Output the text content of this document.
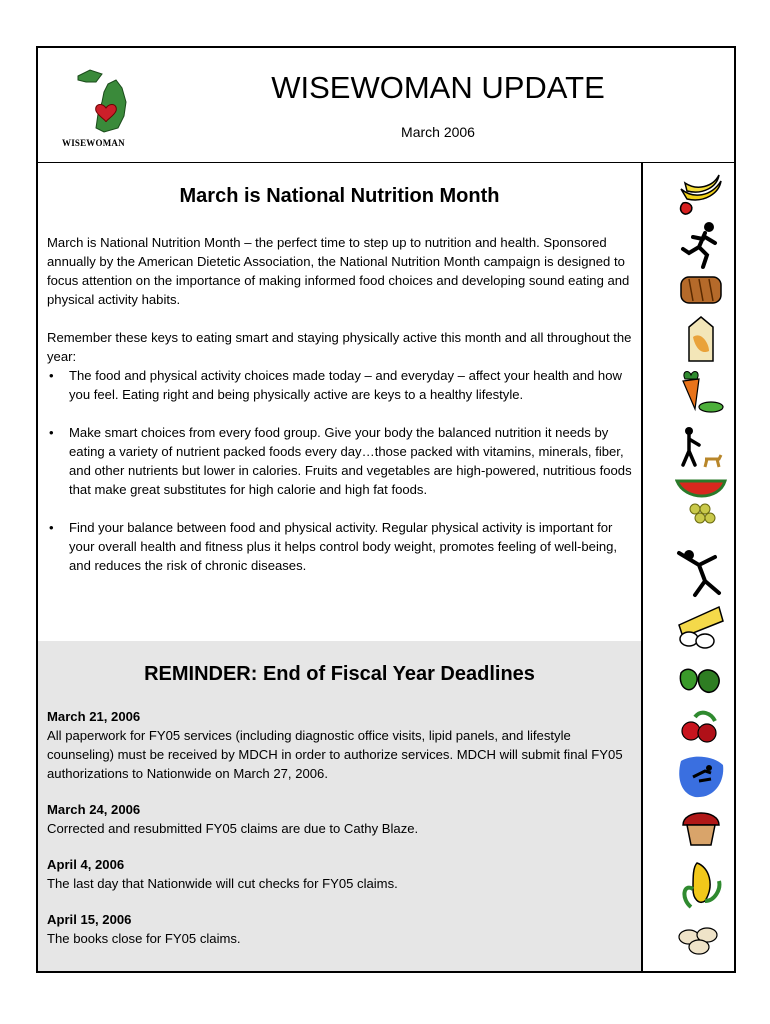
WISEWOMAN
WISEWOMAN UPDATE
March 2006
March is National Nutrition Month

March is National Nutrition Month – the perfect time to step up to nutrition and health. Sponsored annually by the American Dietetic Association, the National Nutrition Month campaign is designed to focus attention on the importance of making informed food choices and developing sound eating and physical activity habits.

Remember these keys to eating smart and staying physically active this month and all throughout the year:
• The food and physical activity choices made today – and everyday – affect your health and how you feel. Eating right and being physically active are keys to a healthy lifestyle.
• Make smart choices from every food group. Give your body the balanced nutrition it needs by eating a variety of nutrient packed foods every day…those packed with vitamins, minerals, fiber, and other nutrients but lower in calories. Fruits and vegetables are high-powered, nutritious foods that make great substitutes for high calorie and high fat foods.
• Find your balance between food and physical activity. Regular physical activity is important for your overall health and fitness plus it helps control body weight, promotes feeling of well-being, and reduces the risk of chronic diseases.
REMINDER: End of Fiscal Year Deadlines
March 21, 2006
All paperwork for FY05 services (including diagnostic office visits, lipid panels, and lifestyle counseling) must be received by MDCH in order to authorize services. MDCH will submit final FY05 authorizations to Nationwide on March 27, 2006.
March 24, 2006
Corrected and resubmitted FY05 claims are due to Cathy Blaze.
April 4, 2006
The last day that Nationwide will cut checks for FY05 claims.
April 15, 2006
The books close for FY05 claims.
